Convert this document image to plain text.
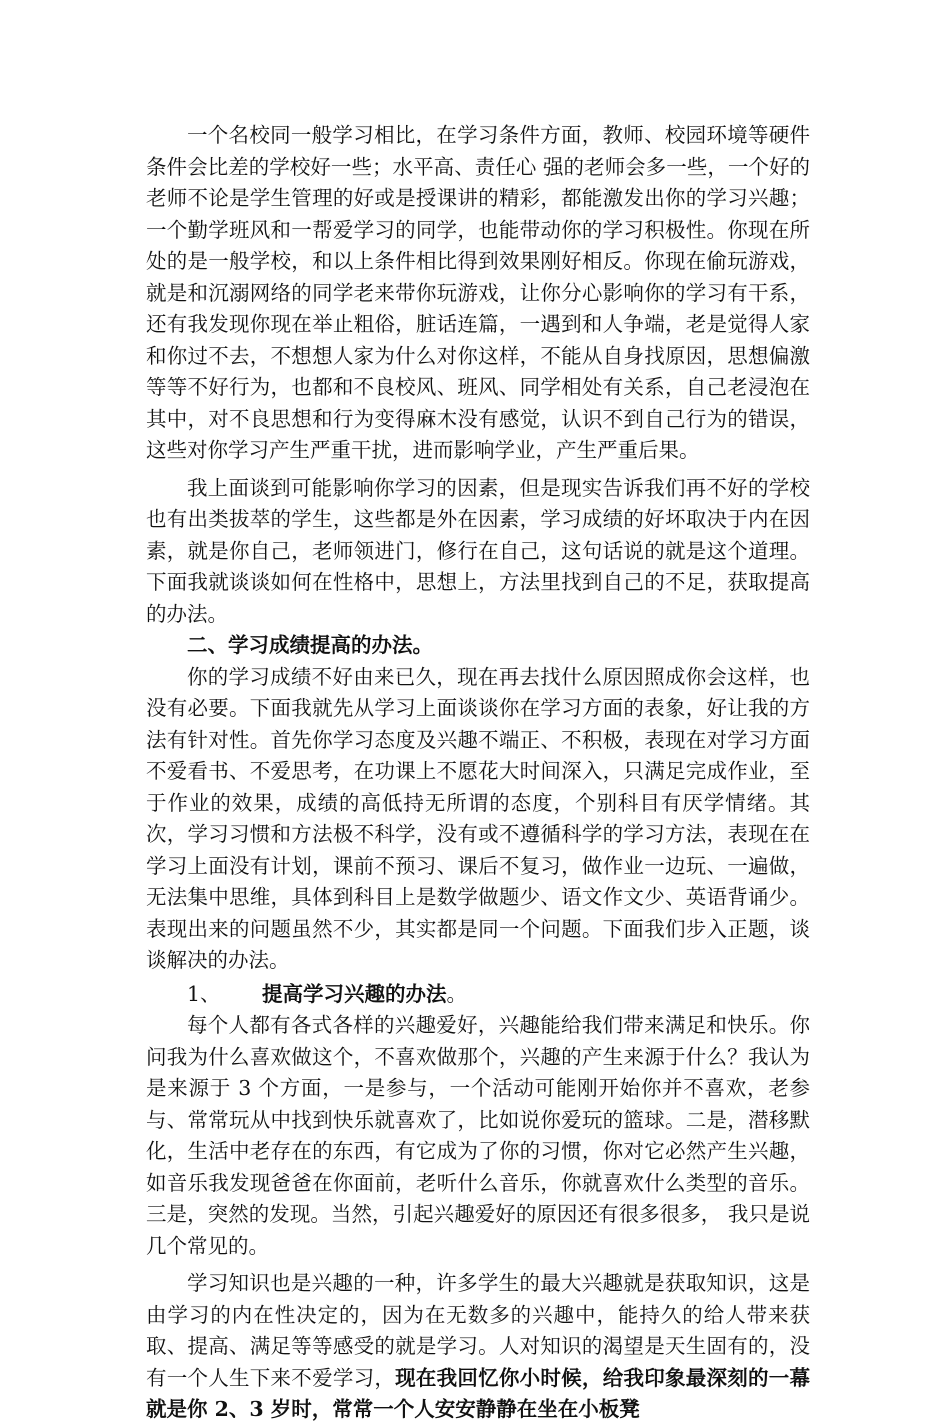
一个名校同一般学习相比，在学习条件方面，教师、校园环境等硬件条件会比差的学校好一些；水平高、责任心 强的老师会多一些，一个好的老师不论是学生管理的好或是授课讲的精彩，都能激发出你的学习兴趣；一个勤学班风和一帮爱学习的同学，也能带动你的学习积极性。你现在所处的是一般学校，和以上条件相比得到效果刚好相反。你现在偷玩游戏，就是和沉溺网络的同学老来带你玩游戏，让你分心影响你的学习有干系，还有我发现你现在举止粗俗，脏话连篇，一遇到和人争端，老是觉得人家和你过不去，不想想人家为什么对你这样，不能从自身找原因，思想偏激等等不好行为，也都和不良校风、班风、同学相处有关系，自己老浸泡在其中，对不良思想和行为变得麻木没有感觉，认识不到自己行为的错误，这些对你学习产生严重干扰，进而影响学业，产生严重后果。

我上面谈到可能影响你学习的因素，但是现实告诉我们再不好的学校也有出类拔萃的学生，这些都是外在因素，学习成绩的好坏取决于内在因素，就是你自己，老师领进门，修行在自己，这句话说的就是这个道理。下面我就谈谈如何在性格中，思想上，方法里找到自己的不足，获取提高的办法。

二、学习成绩提高的办法。

你的学习成绩不好由来已久，现在再去找什么原因照成你会这样，也没有必要。下面我就先从学习上面谈谈你在学习方面的表象，好让我的方法有针对性。首先你学习态度及兴趣不端正、不积极，表现在对学习方面不爱看书、不爱思考，在功课上不愿花大时间深入，只满足完成作业，至于作业的效果，成绩的高低持无所谓的态度，个别科目有厌学情绪。其次，学习习惯和方法极不科学，没有或不遵循科学的学习方法，表现在在学习上面没有计划，课前不预习、课后不复习，做作业一边玩、一遍做，无法集中思维，具体到科目上是数学做题少、语文作文少、英语背诵少。表现出来的问题虽然不少，其实都是同一个问题。下面我们步入正题，谈谈解决的办法。

1、 提高学习兴趣的办法。

每个人都有各式各样的兴趣爱好，兴趣能给我们带来满足和快乐。你问我为什么喜欢做这个，不喜欢做那个，兴趣的产生来源于什么？我认为是来源于 3 个方面，一是参与，一个活动可能刚开始你并不喜欢，老参与、常常玩从中找到快乐就喜欢了，比如说你爱玩的篮球。二是，潜移默化，生活中老存在的东西，有它成为了你的习惯，你对它必然产生兴趣，如音乐我发现爸爸在你面前，老听什么音乐，你就喜欢什么类型的音乐。三是，突然的发现。当然，引起兴趣爱好的原因还有很多很多， 我只是说几个常见的。

学习知识也是兴趣的一种，许多学生的最大兴趣就是获取知识，这是由学习的内在性决定的，因为在无数多的兴趣中，能持久的给人带来获取、提高、满足等等感受的就是学习。人对知识的渴望是天生固有的，没有一个人生下来不爱学习，现在我回忆你小时候，给我印象最深刻的一幕就是你 2、3 岁时，常常一个人安安静静在坐在小板凳
